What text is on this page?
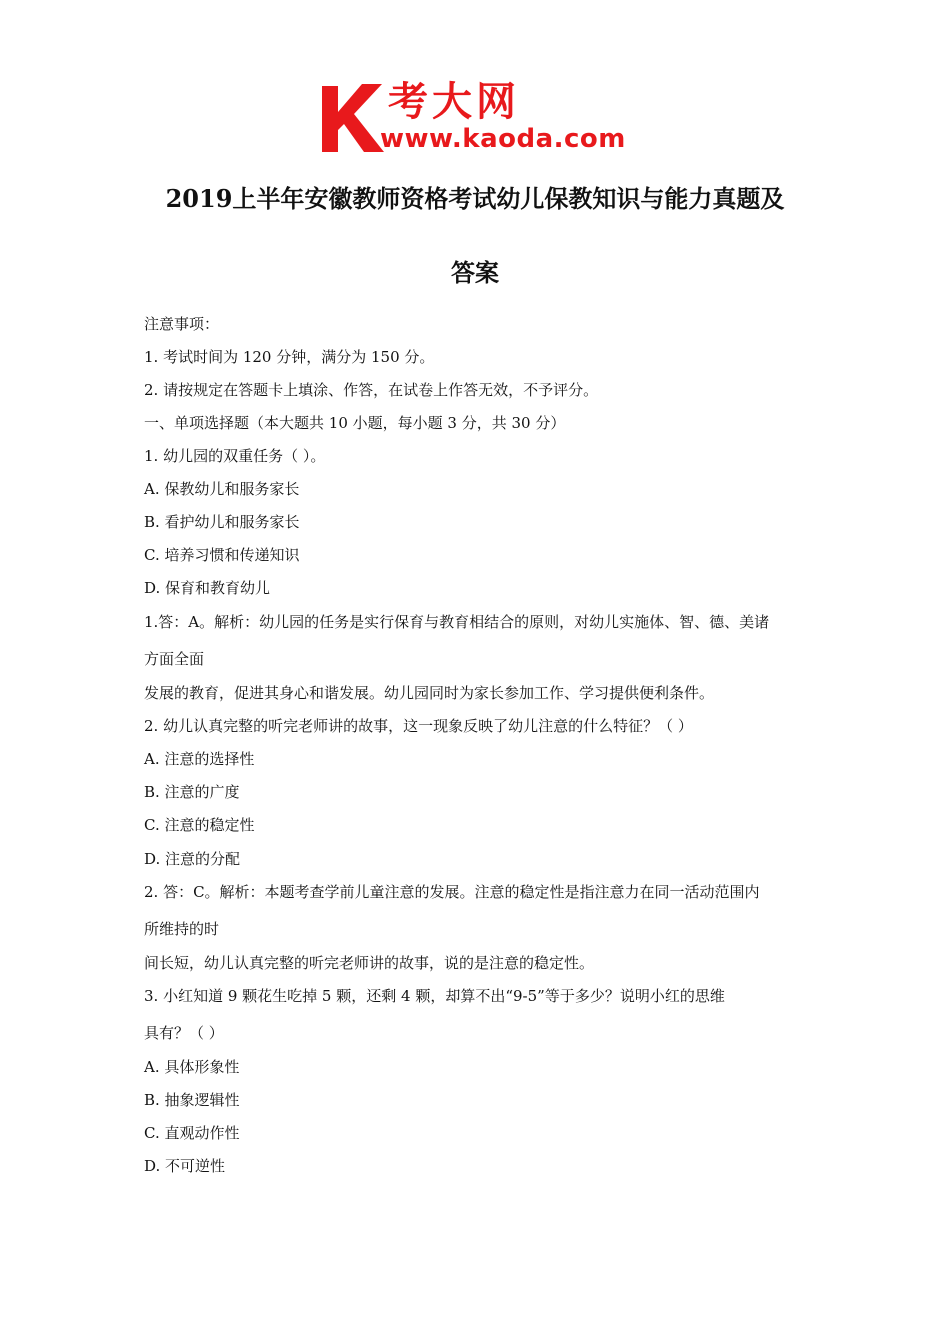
考大网
www.kaoda.com
2019上半年安徽教师资格考试幼儿保教知识与能力真题及
答案
注意事项：
1. 考试时间为 120 分钟，满分为 150 分。
2. 请按规定在答题卡上填涂、作答，在试卷上作答无效，不予评分。
一、单项选择题（本大题共 10 小题，每小题 3 分，共 30 分）
1. 幼儿园的双重任务（ ）。
A. 保教幼儿和服务家长
B. 看护幼儿和服务家长
C. 培养习惯和传递知识
D. 保育和教育幼儿
1.答：A。解析：幼儿园的任务是实行保育与教育相结合的原则，对幼儿实施体、智、德、美诸
方面全面
发展的教育，促进其身心和谐发展。幼儿园同时为家长参加工作、学习提供便利条件。
2. 幼儿认真完整的听完老师讲的故事，这一现象反映了幼儿注意的什么特征？（ ）
A. 注意的选择性
B. 注意的广度
C. 注意的稳定性
D. 注意的分配
2. 答：C。解析：本题考查学前儿童注意的发展。注意的稳定性是指注意力在同一活动范围内
所维持的时
间长短，幼儿认真完整的听完老师讲的故事，说的是注意的稳定性。
3. 小红知道 9 颗花生吃掉 5 颗，还剩 4 颗，却算不出“9-5”等于多少？说明小红的思维
具有？（ ）
A. 具体形象性
B. 抽象逻辑性
C. 直观动作性
D. 不可逆性
